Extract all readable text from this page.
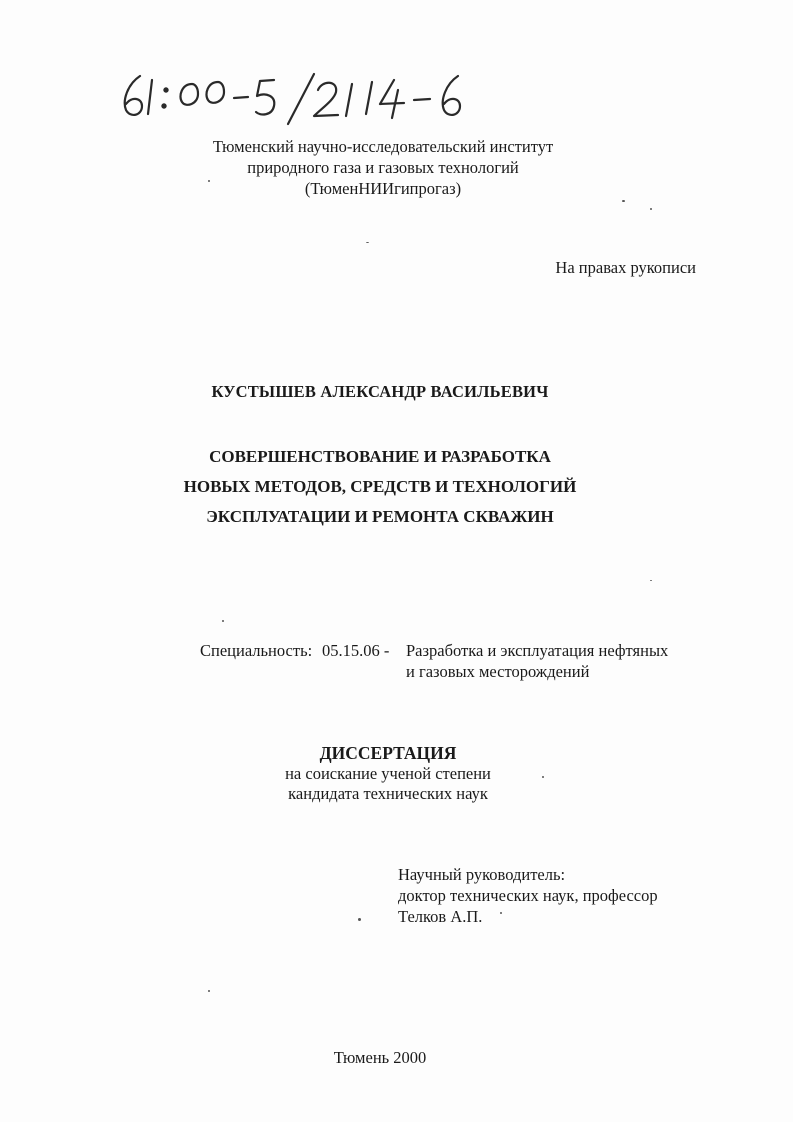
Тюменский научно-исследовательский институт
природного газа и газовых технологий
(ТюменНИИгипрогаз)
На правах рукописи
КУСТЫШЕВ АЛЕКСАНДР ВАСИЛЬЕВИЧ
СОВЕРШЕНСТВОВАНИЕ И РАЗРАБОТКА
НОВЫХ МЕТОДОВ, СРЕДСТВ И ТЕХНОЛОГИЙ
ЭКСПЛУАТАЦИИ И РЕМОНТА СКВАЖИН
Специальность: 05.15.06 -	Разработка и эксплуатация нефтяных
и газовых месторождений
ДИССЕРТАЦИЯ
на соискание ученой степени
кандидата технических наук
Научный руководитель:
доктор технических наук, профессор
Телков А.П.
Тюмень 2000
